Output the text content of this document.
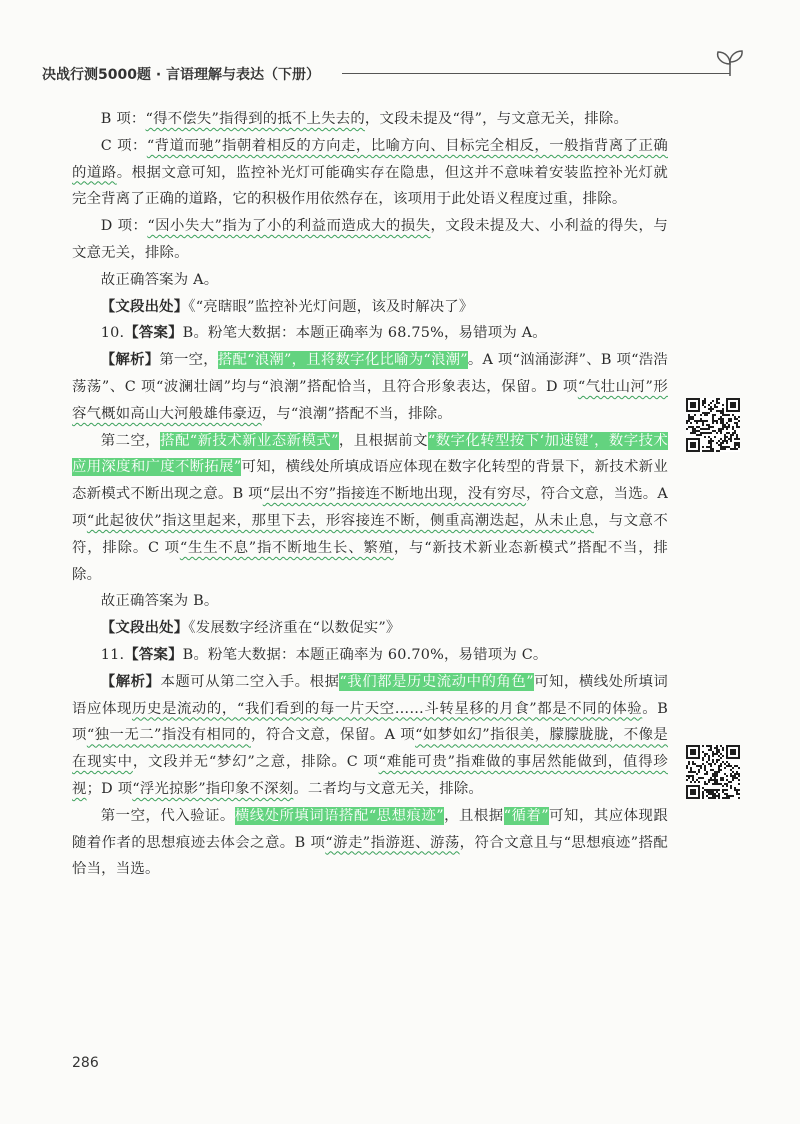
决战行测5000题 · 言语理解与表达（下册）

B 项：“得不偿失”指得到的抵不上失去的，文段未提及“得”，与文意无关，排除。

C 项：“背道而驰”指朝着相反的方向走，比喻方向、目标完全相反，一般指背离了正确的道路。根据文意可知，监控补光灯可能确实存在隐患，但这并不意味着安装监控补光灯就完全背离了正确的道路，它的积极作用依然存在，该项用于此处语义程度过重，排除。

D 项：“因小失大”指为了小的利益而造成大的损失，文段未提及大、小利益的得失，与文意无关，排除。

故正确答案为 A。

【文段出处】《“亮瞎眼”监控补光灯问题，该及时解决了》

10.【答案】B。粉笔大数据：本题正确率为 68.75%，易错项为 A。

【解析】第一空，搭配“浪潮”，且将数字化比喻为“浪潮”。A 项“汹涌澎湃”、B 项“浩浩荡荡”、C 项“波澜壮阔”均与“浪潮”搭配恰当，且符合形象表达，保留。D 项“气壮山河”形容气概如高山大河般雄伟豪迈，与“浪潮”搭配不当，排除。

第二空，搭配“新技术新业态新模式”，且根据前文“数字化转型按下‘加速键’，数字技术应用深度和广度不断拓展”可知，横线处所填成语应体现在数字化转型的背景下，新技术新业态新模式不断出现之意。B 项“层出不穷”指接连不断地出现，没有穷尽，符合文意，当选。A 项“此起彼伏”指这里起来，那里下去，形容接连不断，侧重高潮迭起，从未止息，与文意不符，排除。C 项“生生不息”指不断地生长、繁殖，与“新技术新业态新模式”搭配不当，排除。

故正确答案为 B。

【文段出处】《发展数字经济重在“以数促实”》

11.【答案】B。粉笔大数据：本题正确率为 60.70%，易错项为 C。

【解析】本题可从第二空入手。根据“我们都是历史流动中的角色”可知，横线处所填词语应体现历史是流动的，“我们看到的每一片天空……斗转星移的月食”都是不同的体验。B 项“独一无二”指没有相同的，符合文意，保留。A 项“如梦如幻”指很美，朦朦胧胧，不像是在现实中，文段并无“梦幻”之意，排除。C 项“难能可贵”指难做的事居然能做到，值得珍视；D 项“浮光掠影”指印象不深刻。二者均与文意无关，排除。

第一空，代入验证。横线处所填词语搭配“思想痕迹”，且根据“循着”可知，其应体现跟随着作者的思想痕迹去体会之意。B 项“游走”指游逛、游荡，符合文意且与“思想痕迹”搭配恰当，当选。

286
